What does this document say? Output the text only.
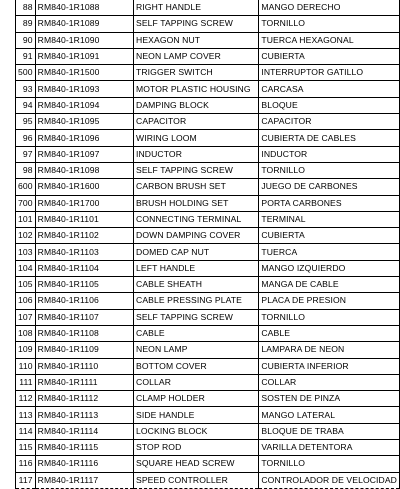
88	RM840-1R1088	RIGHT HANDLE	MANGO DERECHO
89	RM840-1R1089	SELF TAPPING SCREW	TORNILLO
90	RM840-1R1090	HEXAGON NUT	TUERCA HEXAGONAL
91	RM840-1R1091	NEON LAMP COVER	CUBIERTA
500	RM840-1R1500	TRIGGER SWITCH	INTERRUPTOR GATILLO
93	RM840-1R1093	MOTOR PLASTIC HOUSING	CARCASA
94	RM840-1R1094	DAMPING BLOCK	BLOQUE
95	RM840-1R1095	CAPACITOR	CAPACITOR
96	RM840-1R1096	WIRING LOOM	CUBIERTA DE CABLES
97	RM840-1R1097	INDUCTOR	INDUCTOR
98	RM840-1R1098	SELF TAPPING SCREW	TORNILLO
600	RM840-1R1600	CARBON BRUSH SET	JUEGO DE CARBONES
700	RM840-1R1700	BRUSH HOLDING SET	PORTA CARBONES
101	RM840-1R1101	CONNECTING TERMINAL	TERMINAL
102	RM840-1R1102	DOWN DAMPING COVER	CUBIERTA
103	RM840-1R1103	DOMED CAP NUT	TUERCA
104	RM840-1R1104	LEFT HANDLE	MANGO IZQUIERDO
105	RM840-1R1105	CABLE SHEATH	MANGA DE CABLE
106	RM840-1R1106	CABLE PRESSING PLATE	PLACA DE PRESION
107	RM840-1R1107	SELF TAPPING SCREW	TORNILLO
108	RM840-1R1108	CABLE	CABLE
109	RM840-1R1109	NEON LAMP	LAMPARA DE NEON
110	RM840-1R1110	BOTTOM COVER	CUBIERTA INFERIOR
111	RM840-1R1111	COLLAR	COLLAR
112	RM840-1R1112	CLAMP HOLDER	SOSTEN DE PINZA
113	RM840-1R1113	SIDE HANDLE	MANGO LATERAL
114	RM840-1R1114	LOCKING BLOCK	BLOQUE DE TRABA
115	RM840-1R1115	STOP ROD	VARILLA DETENTORA
116	RM840-1R1116	SQUARE HEAD SCREW	TORNILLO
117	RM840-1R1117	SPEED CONTROLLER	CONTROLADOR DE VELOCIDAD
